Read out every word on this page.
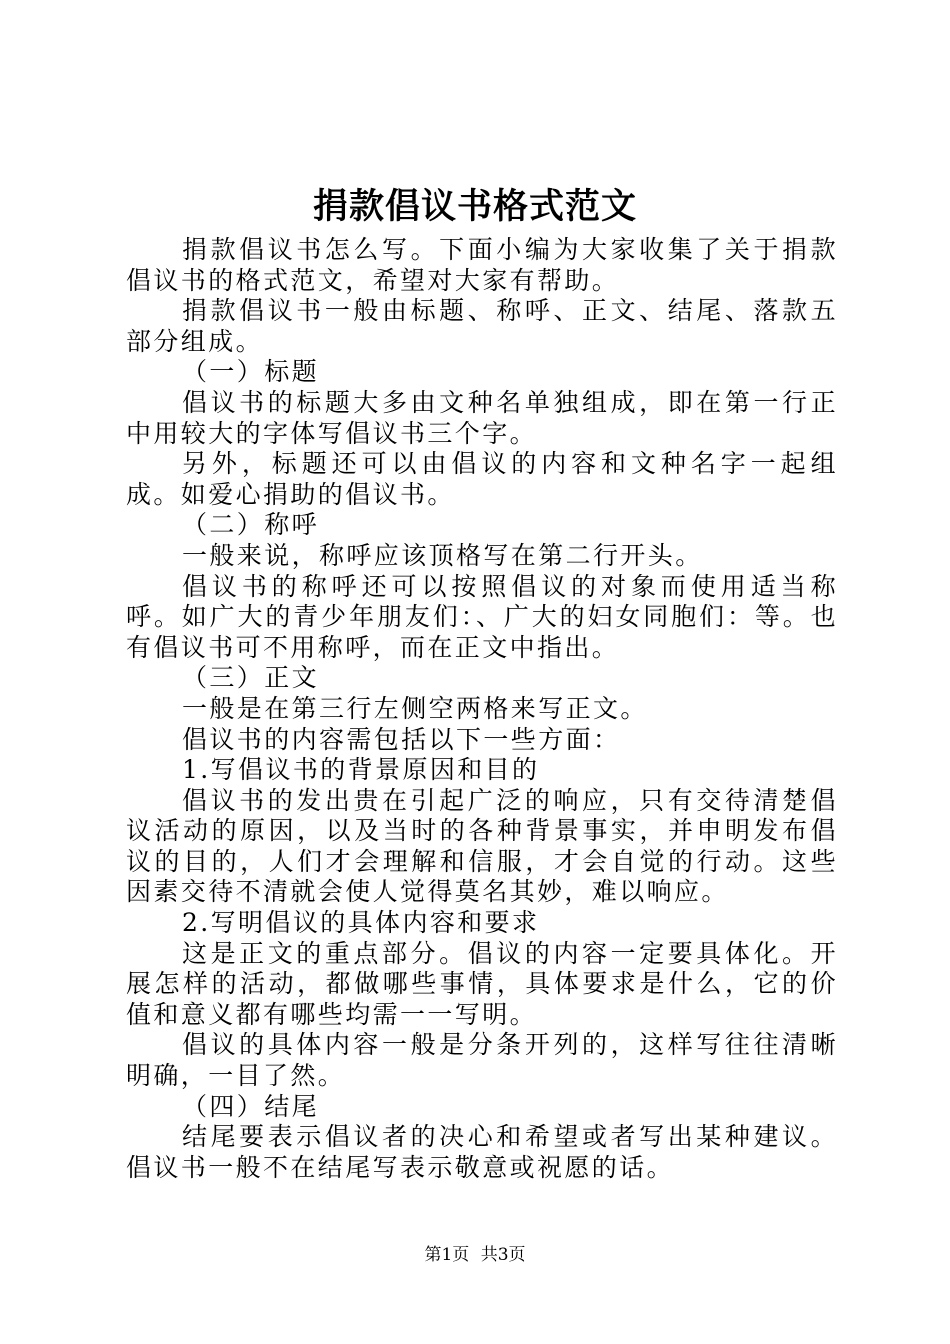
捐款倡议书格式范文

捐款倡议书怎么写。下面小编为大家收集了关于捐款倡议书的格式范文，希望对大家有帮助。

捐款倡议书一般由标题、称呼、正文、结尾、落款五部分组成。

（一）标题

倡议书的标题大多由文种名单独组成，即在第一行正中用较大的字体写倡议书三个字。

另外，标题还可以由倡议的内容和文种名字一起组成。如爱心捐助的倡议书。

（二）称呼

一般来说，称呼应该顶格写在第二行开头。

倡议书的称呼还可以按照倡议的对象而使用适当称呼。如广大的青少年朋友们：、广大的妇女同胞们：等。也有倡议书可不用称呼，而在正文中指出。

（三）正文

一般是在第三行左侧空两格来写正文。

倡议书的内容需包括以下一些方面：

1.写倡议书的背景原因和目的

倡议书的发出贵在引起广泛的响应，只有交待清楚倡议活动的原因，以及当时的各种背景事实，并申明发布倡议的目的，人们才会理解和信服，才会自觉的行动。这些因素交待不清就会使人觉得莫名其妙，难以响应。

2.写明倡议的具体内容和要求

这是正文的重点部分。倡议的内容一定要具体化。开展怎样的活动，都做哪些事情，具体要求是什么，它的价值和意义都有哪些均需一一写明。

倡议的具体内容一般是分条开列的，这样写往往清晰明确，一目了然。

（四）结尾

结尾要表示倡议者的决心和希望或者写出某种建议。倡议书一般不在结尾写表示敬意或祝愿的话。

第1页 共3页
